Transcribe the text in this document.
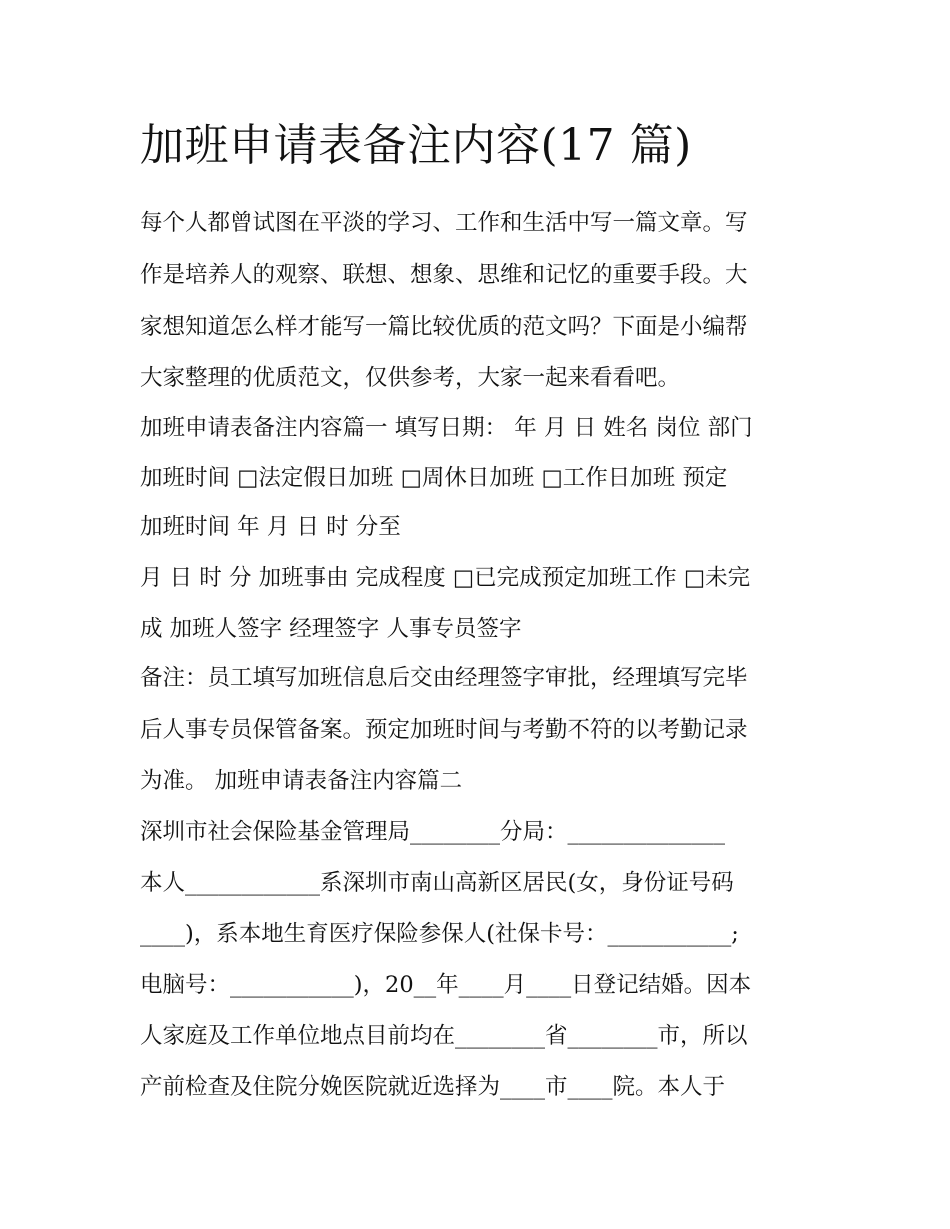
加班申请表备注内容(17 篇)

每个人都曾试图在平淡的学习、工作和生活中写一篇文章。写

作是培养人的观察、联想、想象、思维和记忆的重要手段。大

家想知道怎么样才能写一篇比较优质的范文吗？下面是小编帮

大家整理的优质范文，仅供参考，大家一起来看看吧。

加班申请表备注内容篇一 填写日期： 年 月 日 姓名 岗位 部门

加班时间 □法定假日加班 □周休日加班 □工作日加班 预定

加班时间 年 月 日 时 分至

月 日 时 分 加班事由 完成程度 □已完成预定加班工作 □未完

成 加班人签字 经理签字 人事专员签字

备注：员工填写加班信息后交由经理签字审批，经理填写完毕

后人事专员保管备案。预定加班时间与考勤不符的以考勤记录

为准。 加班申请表备注内容篇二

深圳市社会保险基金管理局________分局：______________

本人____________系深圳市南山高新区居民(女，身份证号码

____)，系本地生育医疗保险参保人(社保卡号：___________;

电脑号：___________)，20__年____月____日登记结婚。因本

人家庭及工作单位地点目前均在________省________市，所以

产前检查及住院分娩医院就近选择为____市____院。本人于
